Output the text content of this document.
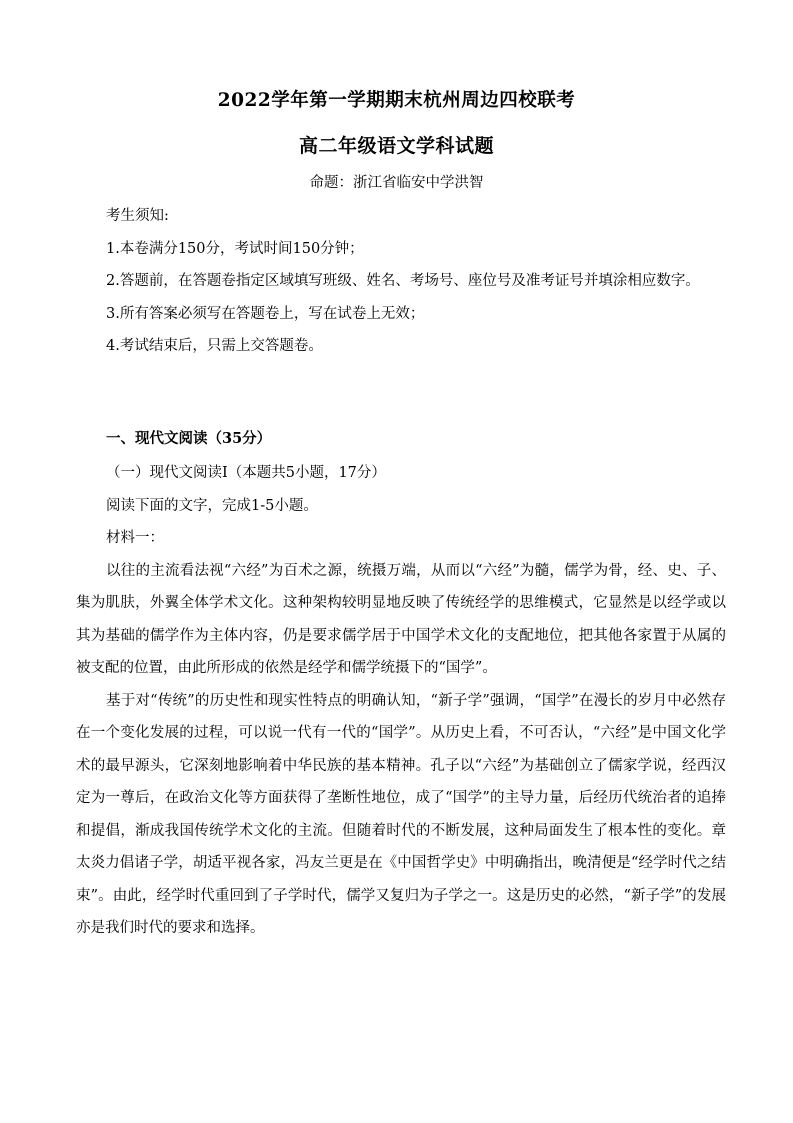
2022学年第一学期期末杭州周边四校联考
高二年级语文学科试题
命题：浙江省临安中学洪智

考生须知:

1.本卷满分150分，考试时间150分钟；

2.答题前，在答题卷指定区域填写班级、姓名、考场号、座位号及准考证号并填涂相应数字。

3.所有答案必须写在答题卷上，写在试卷上无效；

4.考试结束后，只需上交答题卷。

一、现代文阅读（35分）

（一）现代文阅读Ⅰ（本题共5小题，17分）

阅读下面的文字，完成1-5小题。

材料一：

以往的主流看法视“六经”为百术之源，统摄万端，从而以“六经”为髓，儒学为骨，经、史、子、集为肌肤，外翼全体学术文化。这种架构较明显地反映了传统经学的思维模式，它显然是以经学或以其为基础的儒学作为主体内容，仍是要求儒学居于中国学术文化的支配地位，把其他各家置于从属的被支配的位置，由此所形成的依然是经学和儒学统摄下的“国学”。

基于对“传统”的历史性和现实性特点的明确认知，“新子学”强调，“国学”在漫长的岁月中必然存在一个变化发展的过程，可以说一代有一代的“国学”。从历史上看，不可否认，“六经”是中国文化学术的最早源头，它深刻地影响着中华民族的基本精神。孔子以“六经”为基础创立了儒家学说，经西汉定为一尊后，在政治文化等方面获得了垄断性地位，成了“国学”的主导力量，后经历代统治者的追捧和提倡，渐成我国传统学术文化的主流。但随着时代的不断发展，这种局面发生了根本性的变化。章太炎力倡诸子学，胡适平视各家，冯友兰更是在《中国哲学史》中明确指出，晚清便是“经学时代之结束”。由此，经学时代重回到了子学时代，儒学又复归为子学之一。这是历史的必然，“新子学”的发展亦是我们时代的要求和选择。
